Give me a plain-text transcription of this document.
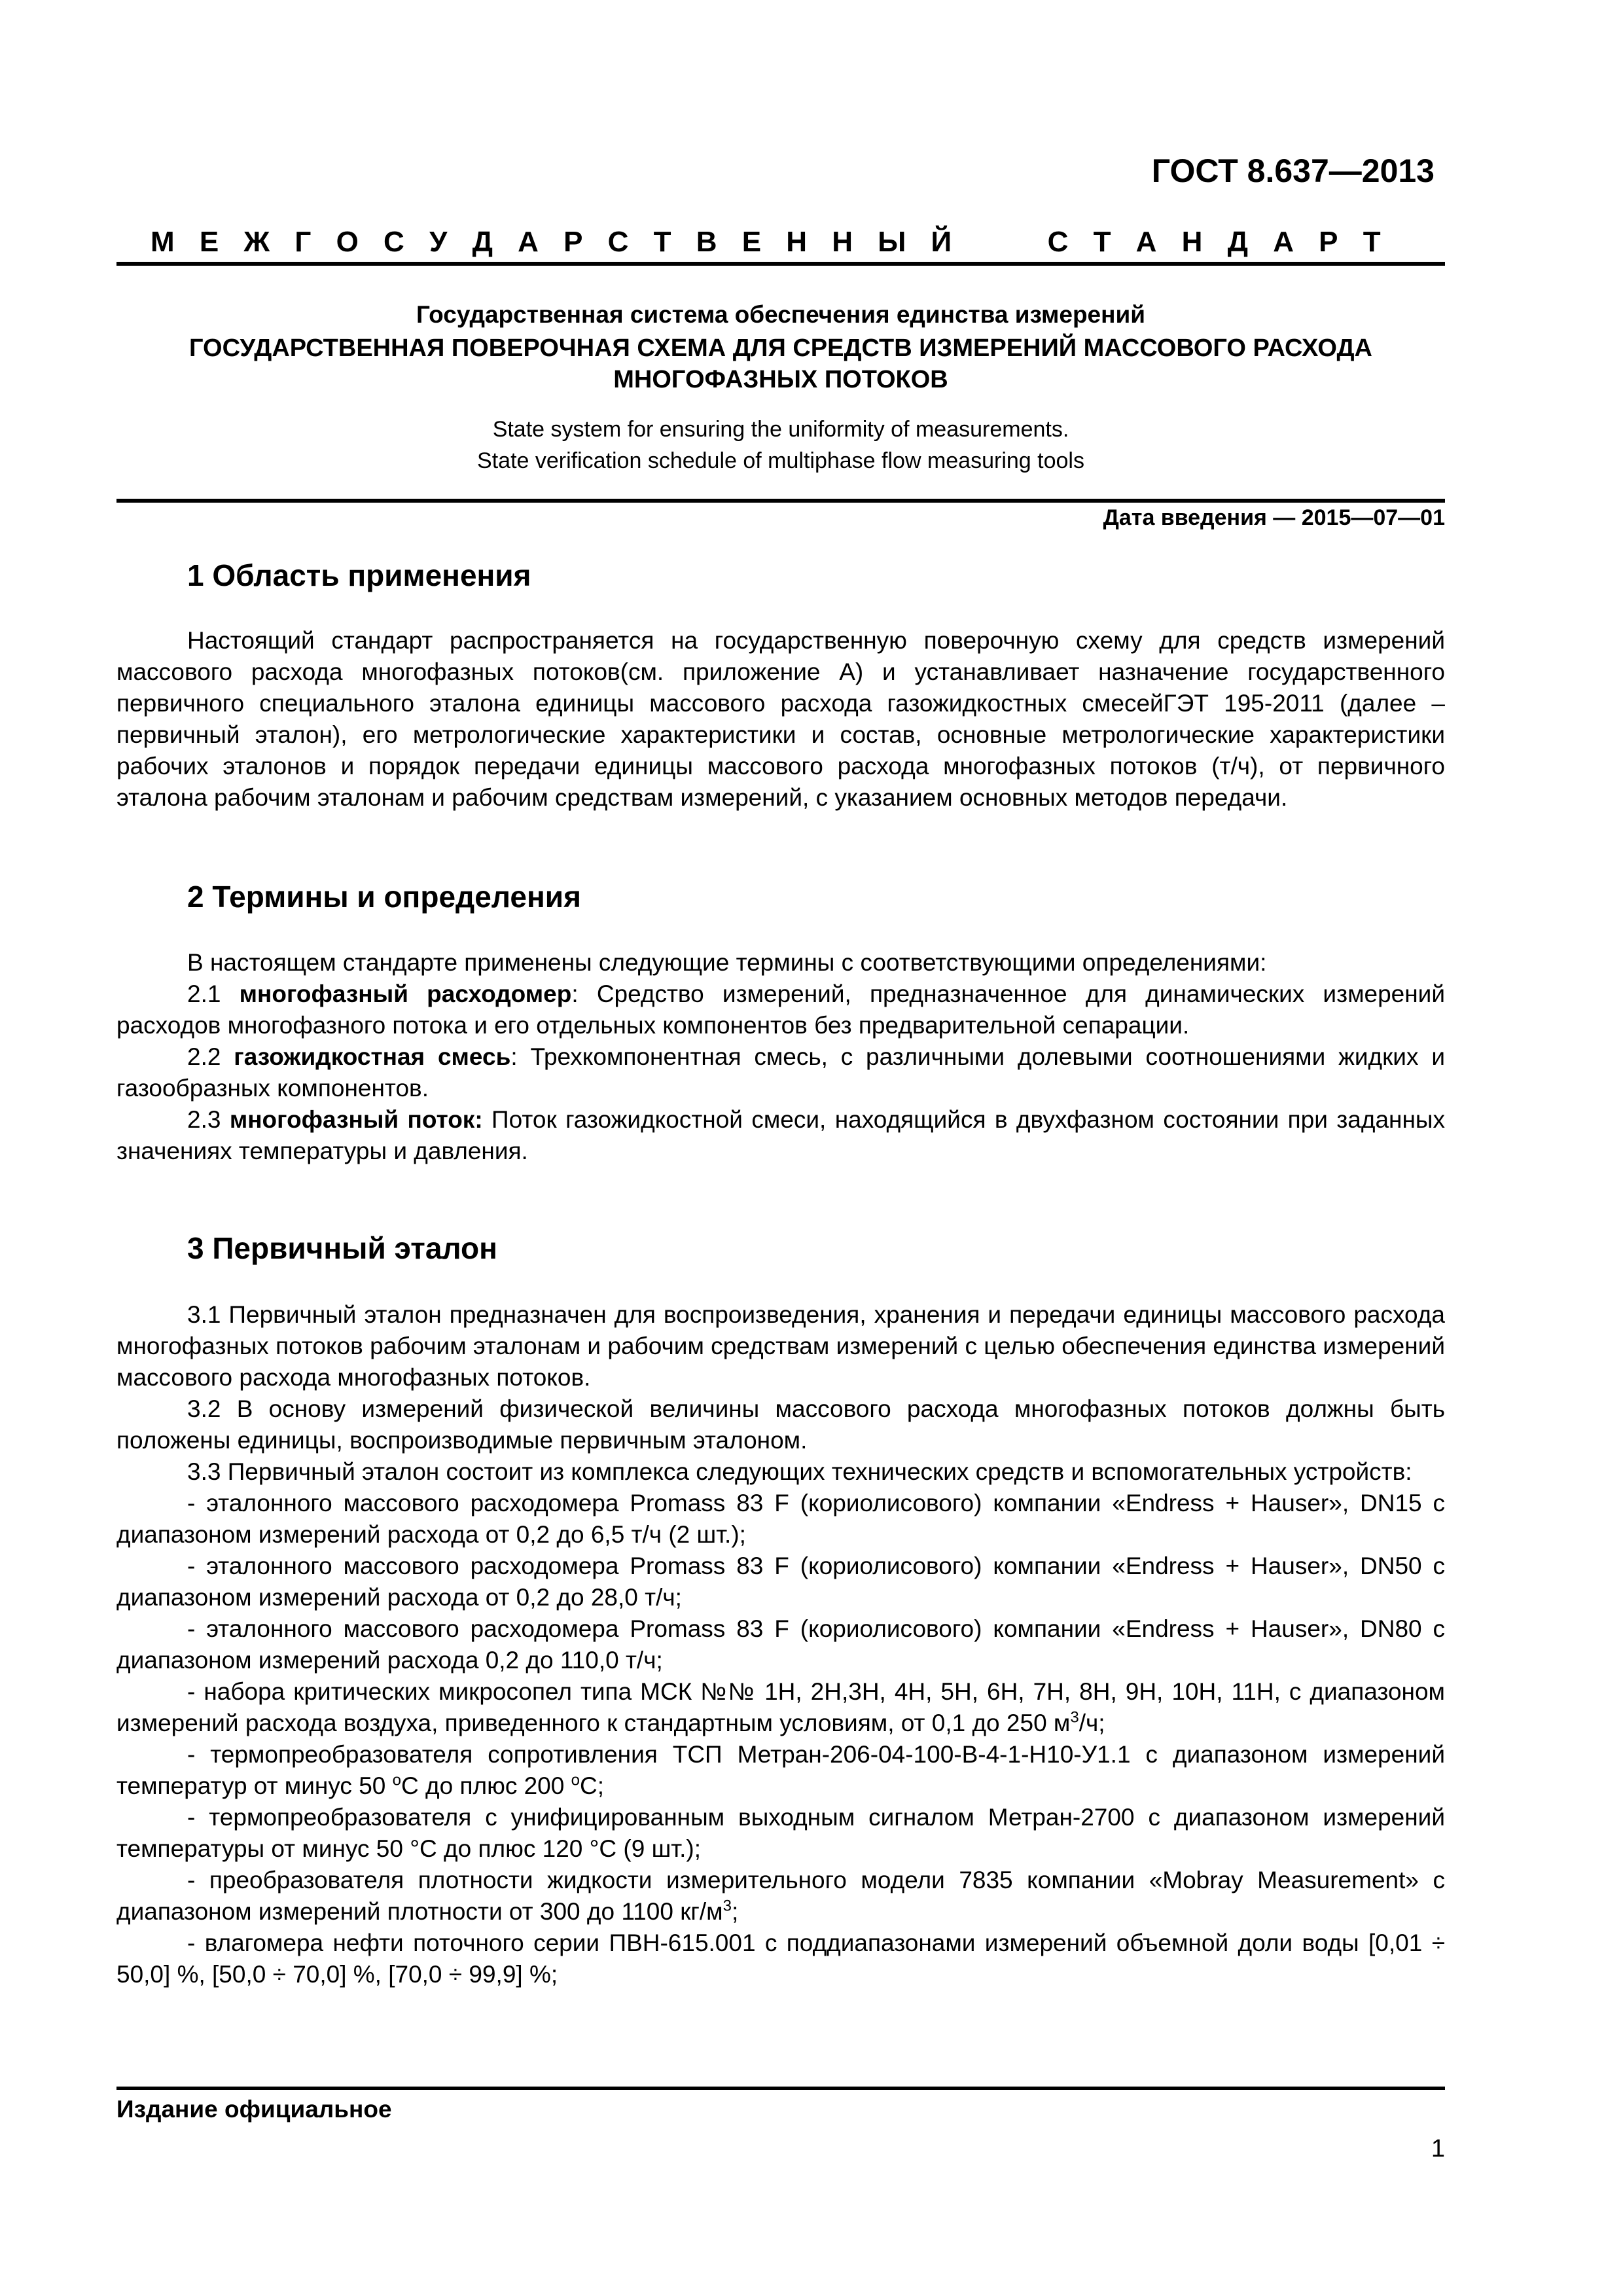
ГОСТ 8.637—2013
М Е Ж Г О С У Д А Р С Т В Е Н Н Ы Й	С Т А Н Д А Р Т
Государственная система обеспечения единства измерений
ГОСУДАРСТВЕННАЯ ПОВЕРОЧНАЯ СХЕМА ДЛЯ СРЕДСТВ ИЗМЕРЕНИЙ МАССОВОГО РАСХОДА
МНОГОФАЗНЫХ ПОТОКОВ
State system for ensuring the uniformity of measurements.
State verification schedule of multiphase flow measuring tools
Дата введения — 2015—07—01
1 Область применения

Настоящий стандарт распространяется на государственную поверочную схему для средств измерений массового расхода многофазных потоков(см. приложение А) и устанавливает назначение государственного первичного специального эталона единицы массового расхода газожидкостных смесейГЭТ 195-2011 (далее – первичный эталон), его метрологические характеристики и состав, основные метрологические характеристики рабочих эталонов и порядок передачи единицы массового расхода многофазных потоков (т/ч), от первичного эталона рабочим эталонам и рабочим средствам измерений, с указанием основных методов передачи.

2 Термины и определения

В настоящем стандарте применены следующие термины с соответствующими определениями:

2.1 многофазный расходомер: Средство измерений, предназначенное для динамических измерений расходов многофазного потока и его отдельных компонентов без предварительной сепарации.

2.2 газожидкостная смесь: Трехкомпонентная смесь, с различными долевыми соотношениями жидких и газообразных компонентов.

2.3 многофазный поток: Поток газожидкостной смеси, находящийся в двухфазном состоянии при заданных значениях температуры и давления.

3 Первичный эталон

3.1 Первичный эталон предназначен для воспроизведения, хранения и передачи единицы массового расхода многофазных потоков рабочим эталонам и рабочим средствам измерений с целью обеспечения единства измерений массового расхода многофазных потоков.

3.2 В основу измерений физической величины массового расхода многофазных потоков должны быть положены единицы, воспроизводимые первичным эталоном.

3.3 Первичный эталон состоит из комплекса следующих технических средств и вспомогательных устройств:

- эталонного массового расходомера Promass 83 F (кориолисового) компании «Endress + Hauser», DN15 с диапазоном измерений расхода от 0,2 до 6,5 т/ч (2 шт.);

- эталонного массового расходомера Promass 83 F (кориолисового) компании «Endress + Hauser», DN50 с диапазоном измерений расхода от 0,2 до 28,0 т/ч;

- эталонного массового расходомера Promass 83 F (кориолисового) компании «Endress + Hauser», DN80 с диапазоном измерений расхода 0,2 до 110,0 т/ч;

- набора критических микросопел типа МСК №№ 1Н, 2Н,3Н, 4Н, 5Н, 6Н, 7Н, 8Н, 9Н, 10Н, 11Н, с диапазоном измерений расхода воздуха, приведенного к стандартным условиям, от 0,1 до 250 $м^3/ч$;

- термопреобразователя сопротивления ТСП Метран-206-04-100-В-4-1-Н10-У1.1 с диапазоном измерений температур от минус 50 $^о$С до плюс 200 $^о$С;

- термопреобразователя с унифицированным выходным сигналом Метран-2700 с диапазоном измерений температуры от минус 50 °С до плюс 120 °С (9 шт.);

- преобразователя плотности жидкости измерительного модели 7835 компании «Mobray Measurement» с диапазоном измерений плотности от 300 до 1100 $кг/м^3$;

- влагомера нефти поточного серии ПВН-615.001 с поддиапазонами измерений объемной доли воды [0,01 ÷ 50,0] %, [50,0 ÷ 70,0] %, [70,0 ÷ 99,9] %;

Издание официальное
1
